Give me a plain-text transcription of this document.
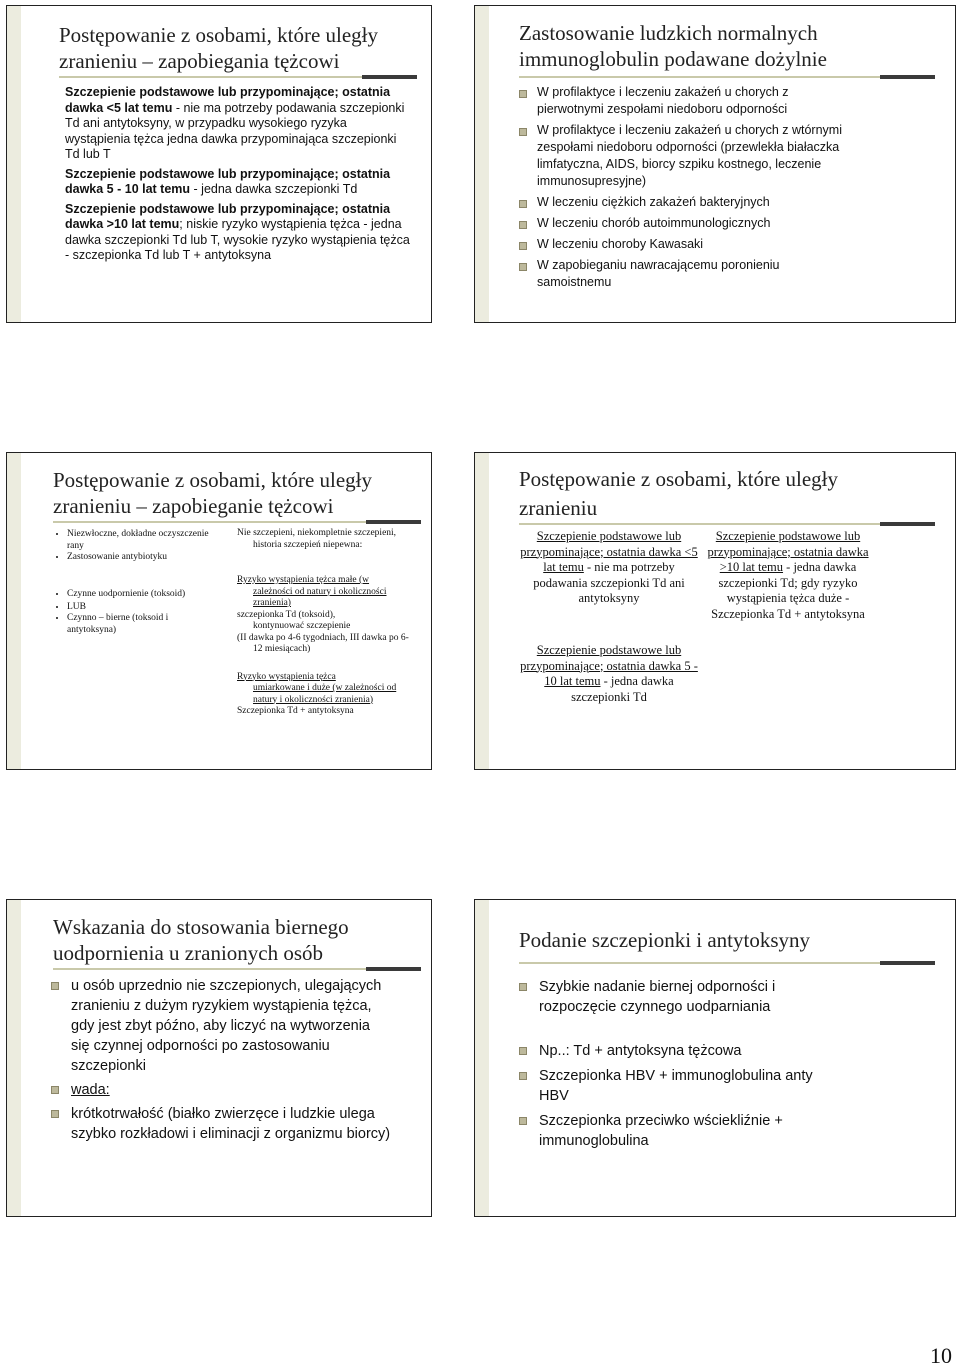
Postępowanie z osobami, które uległy zranieniu – zapobiegania tężcowi

Szczepienie podstawowe lub przypominające; ostatnia dawka <5 lat temu - nie ma potrzeby podawania szczepionki Td ani antytoksyny, w przypadku wysokiego ryzyka wystąpienia tężca jedna dawka przypominająca szczepionki Td lub T

Szczepienie podstawowe lub przypominające; ostatnia dawka 5 - 10 lat temu - jedna dawka szczepionki Td

Szczepienie podstawowe lub przypominające; ostatnia dawka >10 lat temu; niskie ryzyko wystąpienia tężca - jedna dawka szczepionki Td lub T, wysokie ryzyko wystąpienia tężca - szczepionka Td lub T + antytoksyna

Zastosowanie ludzkich normalnych immunoglobulin podawane dożylnie
W profilaktyce i leczeniu zakażeń u chorych z pierwotnymi zespołami niedoboru odporności
W profilaktyce i leczeniu zakażeń u chorych z wtórnymi zespołami niedoboru odporności (przewlekła białaczka limfatyczna, AIDS, biorcy szpiku kostnego, leczenie immunosupresyjne)
W leczeniu ciężkich zakażeń bakteryjnych
W leczeniu chorób autoimmunologicznych
W leczeniu choroby Kawasaki
W zapobieganiu nawracającemu poronieniu samoistnemu
Postępowanie z osobami, które uległy zranieniu – zapobieganie tężcowi
• Niezwłoczne, dokładne oczyszczenie rany
• Zastosowanie antybiotyku
• Czynne uodpornienie (toksoid)
• LUB
• Czynno – bierne (toksoid i antytoksyna)
Nie szczepieni, niekompletnie szczepieni, historia szczepień niepewna:
Ryzyko wystąpienia tężca małe (w
zależności od natury i okoliczności zranienia)
szczepionka Td (toksoid),
kontynuować szczepienie
(II dawka po 4-6 tygodniach, III dawka po 6-12 miesiącach)
Ryzyko wystąpienia tężca
umiarkowane i duże (w zależności od natury i okoliczności zranienia)
Szczepionka Td + antytoksyna
Postępowanie z osobami, które uległy zranieniu
Szczepienie podstawowe lub przypominające; ostatnia dawka <5 lat temu - nie ma potrzeby podawania szczepionki Td ani antytoksyny
Szczepienie podstawowe lub przypominające; ostatnia dawka 5 - 10 lat temu - jedna dawka szczepionki Td
Szczepienie podstawowe lub przypominające; ostatnia dawka >10 lat temu - jedna dawka szczepionki Td; gdy ryzyko wystąpienia tężca duże - Szczepionka Td + antytoksyna
Wskazania do stosowania biernego uodpornienia u zranionych osób
u osób uprzednio nie szczepionych, ulegających zranieniu z dużym ryzykiem wystąpienia tężca, gdy jest zbyt późno, aby liczyć na wytworzenia się czynnej odporności po zastosowaniu szczepionki
wada:
krótkotrwałość (białko zwierzęce i ludzkie ulega szybko rozkładowi i eliminacji z organizmu biorcy)
Podanie szczepionki i antytoksyny
Szybkie nadanie biernej odporności i rozpoczęcie czynnego uodparniania
Np..: Td + antytoksyna tężcowa
Szczepionka HBV + immunoglobulina anty HBV
Szczepionka przeciwko wściekliźnie + immunoglobulina
10
